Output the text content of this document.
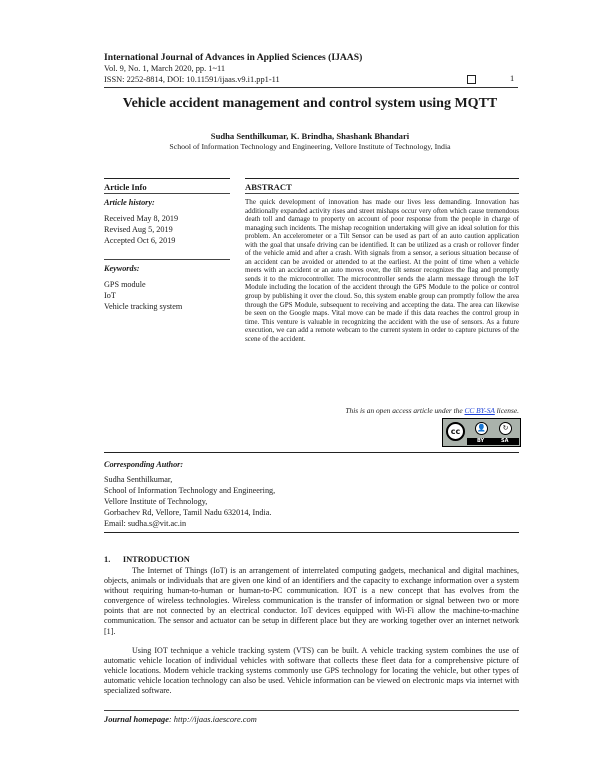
International Journal of Advances in Applied Sciences (IJAAS)
Vol. 9, No. 1, March 2020, pp. 1~11
ISSN: 2252-8814, DOI: 10.11591/ijaas.v9.i1.pp1-11	1
Vehicle accident management and control system using MQTT
Sudha Senthilkumar, K. Brindha, Shashank Bhandari
School of Information Technology and Engineering, Vellore Institute of Technology, India
Article Info
Article history:
Received May 8, 2019
Revised Aug 5, 2019
Accepted Oct 6, 2019
Keywords:
GPS module
IoT
Vehicle tracking system
ABSTRACT
The quick development of innovation has made our lives less demanding. Innovation has additionally expanded activity rises and street mishaps occur very often which cause tremendous death toll and damage to property on account of poor response from the people in charge of managing such incidents. The mishap recognition undertaking will give an ideal solution for this problem. An accelerometer or a Tilt Sensor can be used as part of an auto caution application with the goal that unsafe driving can be identified. It can be utilized as a crash or rollover finder of the vehicle amid and after a crash. With signals from a sensor, a serious situation because of an accident can be avoided or attended to at the earliest. At the point of time when a vehicle meets with an accident or an auto moves over, the tilt sensor recognizes the flag and promptly sends it to the microcontroller. The microcontroller sends the alarm message through the IoT Module including the location of the accident through the GPS Module to the police or control group by publishing it over the cloud. So, this system enable group can promptly follow the area through the GPS Module, subsequent to receiving and accepting the data. The area can likewise be seen on the Google maps. Vital move can be made if this data reaches the control group in time. This venture is valuable in recognizing the accident with the use of sensors. As a future execution, we can add a remote webcam to the current system in order to capture pictures of the scene of the accident.
This is an open access article under the CC BY-SA license.
cc	👤	↻
BY	SA
Corresponding Author:
Sudha Senthilkumar,
School of Information Technology and Engineering,
Vellore Institute of Technology,
Gorbachev Rd, Vellore, Tamil Nadu 632014, India.
Email: sudha.s@vit.ac.in
1.      INTRODUCTION
The Internet of Things (IoT) is an arrangement of interrelated computing gadgets, mechanical and digital machines, objects, animals or individuals that are given one kind of an identifiers and the capacity to exchange information over a system without requiring human-to-human or human-to-PC communication. IOT is a new concept that has evolves from the convergence of wireless technologies. Wireless communication is the transfer of information or signal between two or more points that are not connected by an electrical conductor. IoT devices equipped with Wi-Fi allow the machine-to-machine communication. The sensor and actuator can be setup in different place but they are working together over an internet network [1].
Using IOT technique a vehicle tracking system (VTS) can be built. A vehicle tracking system combines the use of automatic vehicle location of individual vehicles with software that collects these fleet data for a comprehensive picture of vehicle locations. Modern vehicle tracking systems commonly use GPS technology for locating the vehicle, but other types of automatic vehicle location technology can also be used. Vehicle information can be viewed on electronic maps via internet with specialized software.
Journal homepage: http://ijaas.iaescore.com
